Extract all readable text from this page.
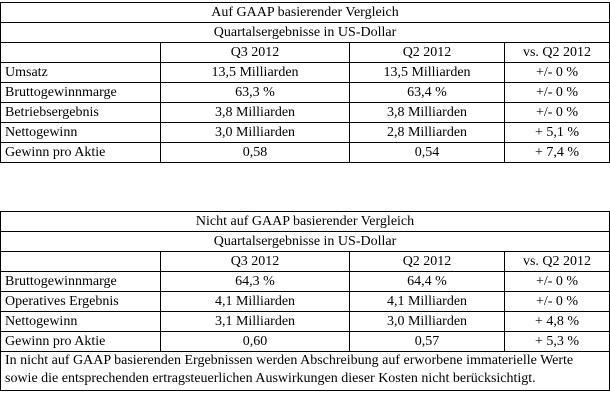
Auf GAAP basierender Vergleich			
Quartalsergebnisse in US-Dollar			
	Q3 2012	Q2 2012	vs. Q2 2012
Umsatz	13,5 Milliarden	13,5 Milliarden	+/- 0 %
Bruttogewinnmarge	63,3 %	63,4 %	+/- 0 %
Betriebsergebnis	3,8 Milliarden	3,8 Milliarden	+/- 0 %
Nettogewinn	3,0 Milliarden	2,8 Milliarden	+ 5,1 %
Gewinn pro Aktie	0,58	0,54	+ 7,4 %
Nicht auf GAAP basierender Vergleich			
Quartalsergebnisse in US-Dollar			
	Q3 2012	Q2 2012	vs. Q2 2012
Bruttogewinnmarge	64,3 %	64,4 %	+/- 0 %
Operatives Ergebnis	4,1 Milliarden	4,1 Milliarden	+/- 0 %
Nettogewinn	3,1 Milliarden	3,0 Milliarden	+ 4,8 %
Gewinn pro Aktie	0,60	0,57	+ 5,3 %
In nicht auf GAAP basierenden Ergebnissen werden Abschreibung auf erworbene immaterielle Werte sowie die entsprechenden ertragsteuerlichen Auswirkungen dieser Kosten nicht berücksichtigt.			
